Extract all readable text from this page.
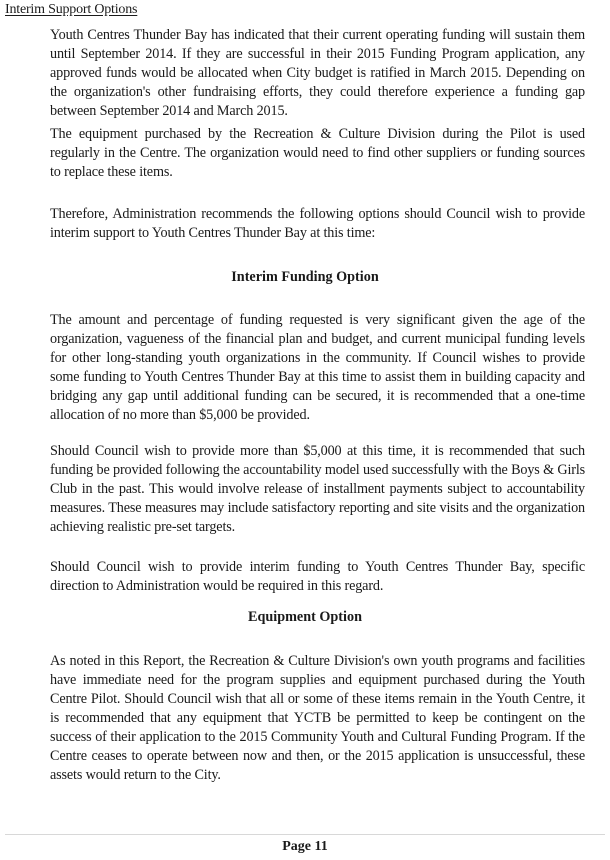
Interim Support Options

Youth Centres Thunder Bay has indicated that their current operating funding will sustain them until September 2014. If they are successful in their 2015 Funding Program application, any approved funds would be allocated when City budget is ratified in March 2015. Depending on the organization's other fundraising efforts, they could therefore experience a funding gap between September 2014 and March 2015.

The equipment purchased by the Recreation & Culture Division during the Pilot is used regularly in the Centre. The organization would need to find other suppliers or funding sources to replace these items.

Therefore, Administration recommends the following options should Council wish to provide interim support to Youth Centres Thunder Bay at this time:

Interim Funding Option

The amount and percentage of funding requested is very significant given the age of the organization, vagueness of the financial plan and budget, and current municipal funding levels for other long-standing youth organizations in the community. If Council wishes to provide some funding to Youth Centres Thunder Bay at this time to assist them in building capacity and bridging any gap until additional funding can be secured, it is recommended that a one-time allocation of no more than $5,000 be provided.

Should Council wish to provide more than $5,000 at this time, it is recommended that such funding be provided following the accountability model used successfully with the Boys & Girls Club in the past. This would involve release of installment payments subject to accountability measures. These measures may include satisfactory reporting and site visits and the organization achieving realistic pre-set targets.

Should Council wish to provide interim funding to Youth Centres Thunder Bay, specific direction to Administration would be required in this regard.

Equipment Option

As noted in this Report, the Recreation & Culture Division's own youth programs and facilities have immediate need for the program supplies and equipment purchased during the Youth Centre Pilot. Should Council wish that all or some of these items remain in the Youth Centre, it is recommended that any equipment that YCTB be permitted to keep be contingent on the success of their application to the 2015 Community Youth and Cultural Funding Program. If the Centre ceases to operate between now and then, or the 2015 application is unsuccessful, these assets would return to the City.

Page 11
